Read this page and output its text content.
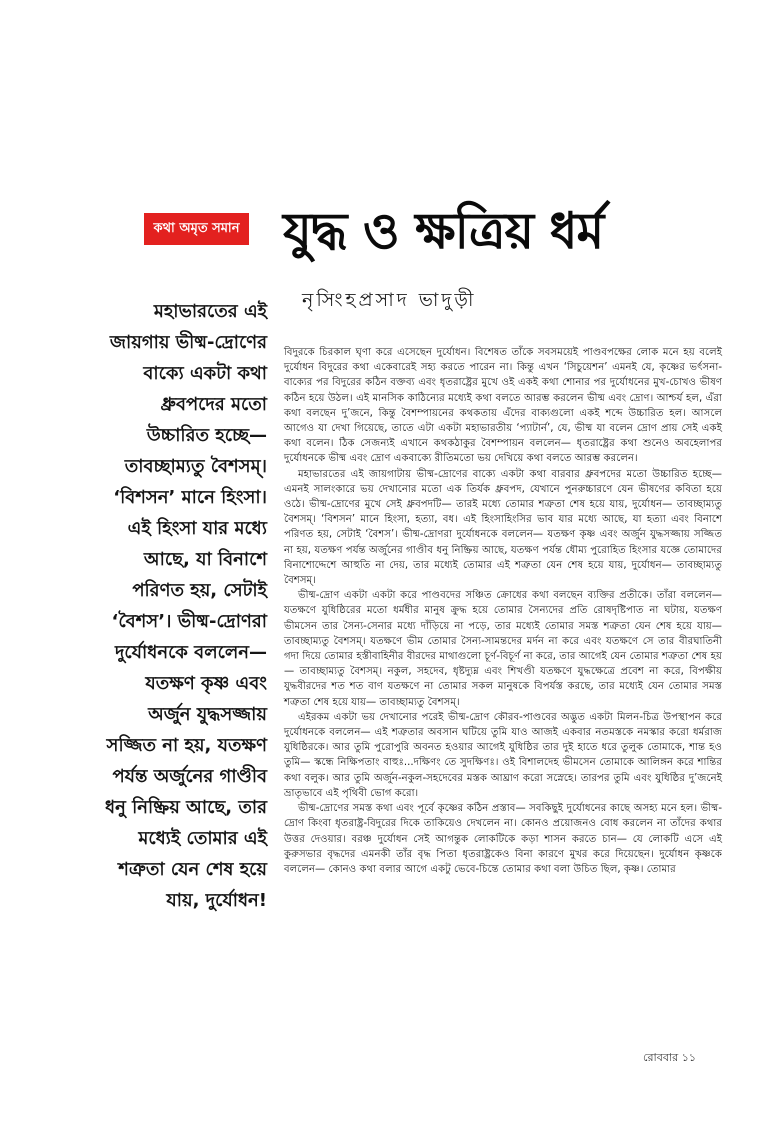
কথা অমৃত সমান যুদ্ধ ও ক্ষত্রিয় ধর্ম
নৃসিংহপ্রসাদ ভাদুড়ী
মহাভারতের এই
জায়গায় ভীষ্ম-দ্রোণের
বাক্যে একটা কথা
ধ্রুবপদের মতো
উচ্চারিত হচ্ছে—
তাবচ্ছাম্যতু বৈশসম্।
‘বিশসন’ মানে হিংসা।
এই হিংসা যার মধ্যে
আছে, যা বিনাশে
পরিণত হয়, সেটাই
‘বৈশস’। ভীষ্ম-দ্রোণরা
দুর্যোধনকে বললেন—
যতক্ষণ কৃষ্ণ এবং
অর্জুন যুদ্ধসজ্জায়
সজ্জিত না হয়, যতক্ষণ
পর্যন্ত অর্জুনের গাণ্ডীব
ধনু নিষ্ক্রিয় আছে, তার
মধ্যেই তোমার এই
শত্রুতা যেন শেষ হয়ে
যায়, দুর্যোধন!

বিদুরকে চিরকাল ঘৃণা করে এসেছেন দুর্যোধন। বিশেষত তাঁকে সবসময়েই পাণ্ডবপক্ষের লোক মনে হয় বলেই দুর্যোধন বিদুরের কথা একেবারেই সহ্য করতে পারেন না। কিন্তু এখন ‘সিচুয়েশন’ এমনই যে, কৃষ্ণের ভর্ৎসনা-বাক্যের পর বিদুরের কঠিন বক্তব্য এবং ধৃতরাষ্ট্রের মুখে ওই একই কথা শোনার পর দুর্যোধনের মুখ-চোখও ভীষণ কঠিন হয়ে উঠল। এই মানসিক কাঠিন্যের মধ্যেই কথা বলতে আরম্ভ করলেন ভীষ্ম এবং দ্রোণ। আশ্চর্য হল, এঁরা কথা বলছেন দু’জনে, কিন্তু বৈশম্পায়নের কথকতায় এঁদের বাক্যগুলো একই শব্দে উচ্চারিত হল। আসলে আগেও যা দেখা গিয়েছে, তাতে এটা একটা মহাভারতীয় ‘প্যাটার্ন’, যে, ভীষ্ম যা বলেন দ্রোণ প্রায় সেই একই কথা বলেন। ঠিক সেজন্যই এখানে কথকঠাকুর বৈশম্পায়ন বললেন— ধৃতরাষ্ট্রের কথা শুনেও অবহেলাপর দুর্যোধনকে ভীষ্ম এবং দ্রোণ একবাক্যে রীতিমতো ভয় দেখিয়ে কথা বলতে আরম্ভ করলেন।

মহাভারতের এই জায়গাটায় ভীষ্ম-দ্রোণের বাক্যে একটা কথা বারবার ধ্রুবপদের মতো উচ্চারিত হচ্ছে— এমনই সালংকারে ভয় দেখানোর মতো এক তির্যক ধ্রুবপদ, যেখানে পুনরুচ্চারণে যেন ভীষণের কবিতা হয়ে ওঠে। ভীষ্ম-দ্রোণের মুখে সেই ধ্রুবপদটি— তারই মধ্যে তোমার শত্রুতা শেষ হয়ে যায়, দুর্যোধন— তাবচ্ছাম্যতু বৈশসম্। ‘বিশসন’ মানে হিংসা, হত্যা, বধ। এই হিংসাহিংসির ভাব যার মধ্যে আছে, যা হত্যা এবং বিনাশে পরিণত হয়, সেটাই ‘বৈশস’। ভীষ্ম-দ্রোণরা দুর্যোধনকে বললেন— যতক্ষণ কৃষ্ণ এবং অর্জুন যুদ্ধসজ্জায় সজ্জিত না হয়, যতক্ষণ পর্যন্ত অর্জুনের গাণ্ডীব ধনু নিষ্ক্রিয় আছে, যতক্ষণ পর্যন্ত ধৌম্য পুরোহিত হিংসার যজ্ঞে তোমাদের বিনাশোদ্দেশে আহুতি না দেয়, তার মধ্যেই তোমার এই শত্রুতা যেন শেষ হয়ে যায়, দুর্যোধন— তাবচ্ছাম্যতু বৈশসম্।

ভীষ্ম-দ্রোণ একটা একটা করে পাণ্ডবদের সঞ্চিত ক্রোধের কথা বলছেন ব্যক্তির প্রতীকে। তাঁরা বললেন— যতক্ষণে যুধিষ্ঠিরের মতো ধর্মধীর মানুষ ক্রুদ্ধ হয়ে তোমার সৈন্যদের প্রতি রোষদৃষ্টিপাত না ঘটায়, যতক্ষণ ভীমসেন তার সৈন্য-সেনার মধ্যে দাঁড়িয়ে না পড়ে, তার মধ্যেই তোমার সমস্ত শত্রুতা যেন শেষ হয়ে যায়— তাবচ্ছাম্যতু বৈশসম্। যতক্ষণে ভীম তোমার সৈন্য-সামন্তদের মর্দন না করে এবং যতক্ষণে সে তার বীরঘাতিনী গদা দিয়ে তোমার হস্তীবাহিনীর বীরদের মাথাগুলো চূর্ণ-বিচূর্ণ না করে, তার আগেই যেন তোমার শত্রুতা শেষ হয়— তাবচ্ছাম্যতু বৈশসম্। নকুল, সহদেব, ধৃষ্টদ্যুম্ন এবং শিখণ্ডী যতক্ষণে যুদ্ধক্ষেত্রে প্রবেশ না করে, বিপক্ষীয় যুদ্ধবীরদের শত শত বাণ যতক্ষণে না তোমার সকল মানুষকে বিপর্যস্ত করছে, তার মধ্যেই যেন তোমার সমস্ত শত্রুতা শেষ হয়ে যায়— তাবচ্ছাম্যতু বৈশসম্।

এইরকম একটা ভয় দেখানোর পরেই ভীষ্ম-দ্রোণ কৌরব-পাণ্ডবের অদ্ভুত একটা মিলন-চিত্র উপস্থাপন করে দুর্যোধনকে বললেন— এই শত্রুতার অবসান ঘটিয়ে তুমি যাও আজই একবার নতমস্তকে নমস্কার করো ধর্মরাজ যুধিষ্ঠিরকে। আর তুমি পুরোপুরি অবনত হওয়ার আগেই যুধিষ্ঠির তার দুই হাতে ধরে তুলুক তোমাকে, শান্ত হও তুমি— স্কন্ধে নিক্ষিপতাং বাহুঃ...দক্ষিণং তে সুদক্ষিণঃ। ওই বিশালদেহ ভীমসেন তোমাকে আলিঙ্গন করে শান্তির কথা বলুক। আর তুমি অর্জুন-নকুল-সহদেবের মস্তক আঘ্রাণ করো সস্নেহে। তারপর তুমি এবং যুধিষ্ঠির দু’জনেই ভ্রাতৃভাবে এই পৃথিবী ভোগ করো।

ভীষ্ম-দ্রোণের সমস্ত কথা এবং পূর্বে কৃষ্ণের কঠিন প্রস্তাব— সবকিছুই দুর্যোধনের কাছে অসহ্য মনে হল। ভীষ্ম-দ্রোণ কিংবা ধৃতরাষ্ট্র-বিদুরের দিকে তাকিয়েও দেখলেন না। কোনও প্রয়োজনও বোধ করলেন না তাঁদের কথার উত্তর দেওয়ার। বরঞ্চ দুর্যোধন সেই আগন্তুক লোকটিকে কড়া শাসন করতে চান— যে লোকটি এসে এই কুরুসভার বৃদ্ধদের এমনকী তাঁর বৃদ্ধ পিতা ধৃতরাষ্ট্রকেও বিনা কারণে মুখর করে দিয়েছেন। দুর্যোধন কৃষ্ণকে বললেন— কোনও কথা বলার আগে একটু ভেবে-চিন্তে তোমার কথা বলা উচিত ছিল, কৃষ্ণ। তোমার

রোববার ১১
